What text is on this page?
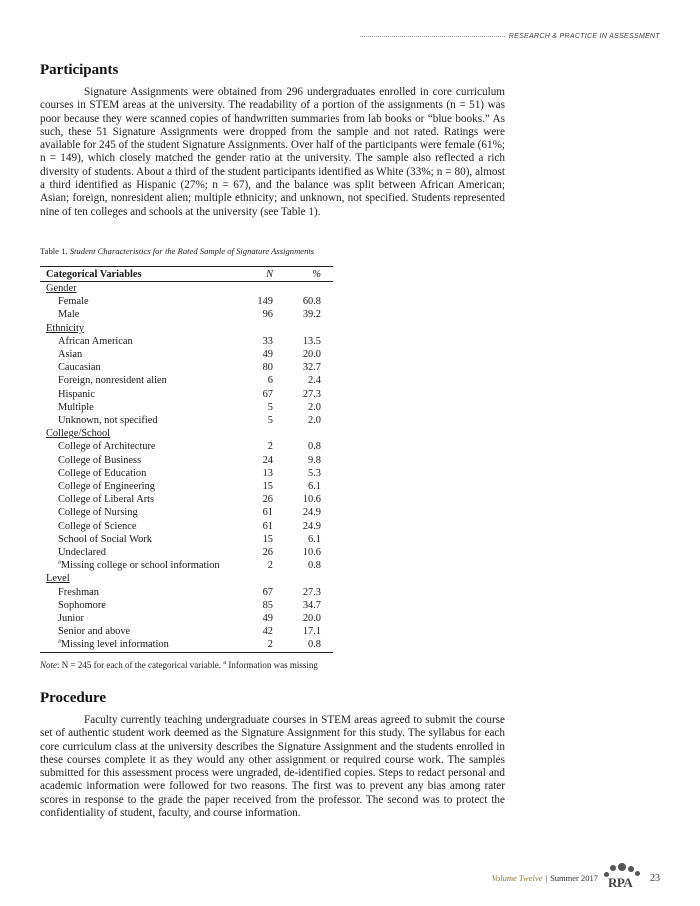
RESEARCH & PRACTICE IN ASSESSMENT
Participants

Signature Assignments were obtained from 296 undergraduates enrolled in core curriculum courses in STEM areas at the university. The readability of a portion of the assignments (n = 51) was poor because they were scanned copies of handwritten summaries from lab books or “blue books.” As such, these 51 Signature Assignments were dropped from the sample and not rated. Ratings were available for 245 of the student Signature Assignments. Over half of the participants were female (61%; n = 149), which closely matched the gender ratio at the university. The sample also reflected a rich diversity of students. About a third of the student participants identified as White (33%; n = 80), almost a third identified as Hispanic (27%; n = 67), and the balance was split between African American; Asian; foreign, nonresident alien; multiple ethnicity; and unknown, not specified. Students represented nine of ten colleges and schools at the university (see Table 1).

Table 1. Student Characteristics for the Rated Sample of Signature Assignments

Categorical Variables	N	%
Gender		
Female	149	60.8
Male	96	39.2
Ethnicity		
African American	33	13.5
Asian	49	20.0
Caucasian	80	32.7
Foreign, nonresident alien	6	2.4
Hispanic	67	27.3
Multiple	5	2.0
Unknown, not specified	5	2.0
College/School		
College of Architecture	2	0.8
College of Business	24	9.8
College of Education	13	5.3
College of Engineering	15	6.1
College of Liberal Arts	26	10.6
College of Nursing	61	24.9
College of Science	61	24.9
School of Social Work	15	6.1
Undeclared	26	10.6
$^a$Missing college or school information	2	0.8
Level		
Freshman	67	27.3
Sophomore	85	34.7
Junior	49	20.0
Senior and above	42	17.1
$^a$Missing level information	2	0.8

Note: N = 245 for each of the categorical variable. $^a$ Information was missing

Procedure

Faculty currently teaching undergraduate courses in STEM areas agreed to submit the course set of authentic student work deemed as the Signature Assignment for this study. The syllabus for each core curriculum class at the university describes the Signature Assignment and the students enrolled in these courses complete it as they would any other assignment or required course work. The samples submitted for this assessment process were ungraded, de-identified copies. Steps to redact personal and academic information were followed for two reasons. The first was to prevent any bias among rater scores in response to the grade the paper received from the professor. The second was to protect the confidentiality of student, faculty, and course information.

Volume Twelve | Summer 2017 RPA 23
